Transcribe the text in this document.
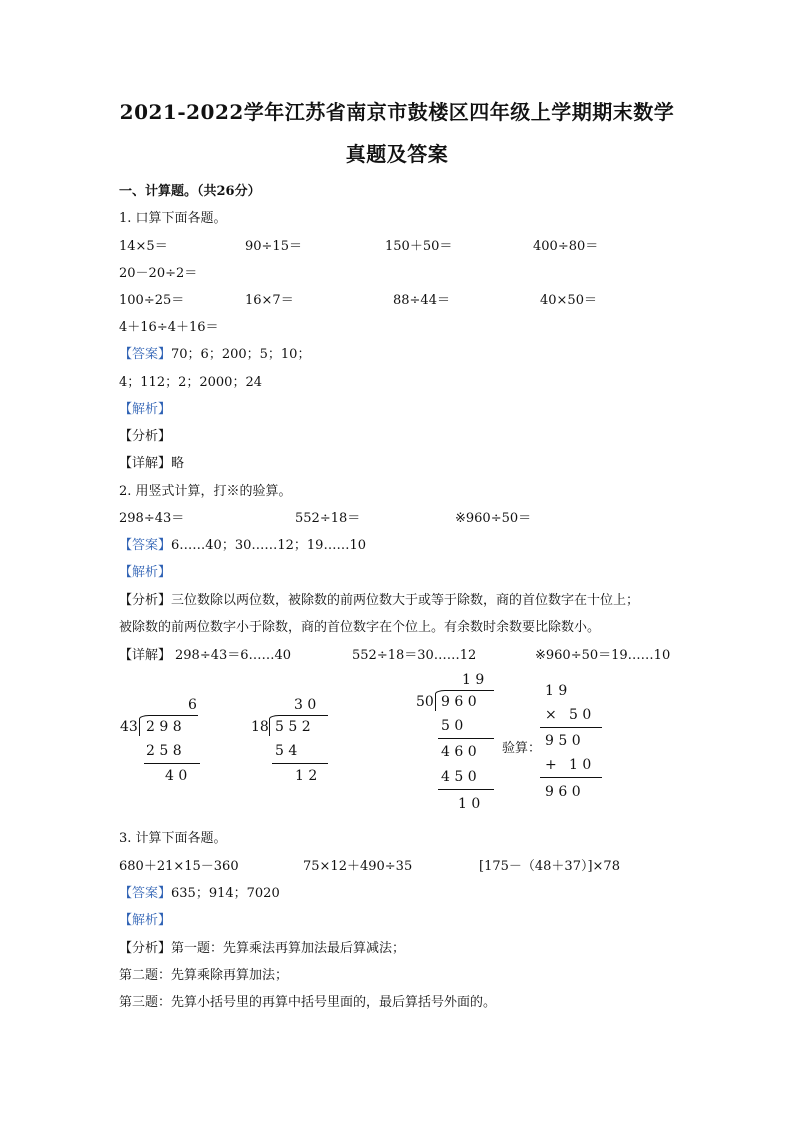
2021-2022学年江苏省南京市鼓楼区四年级上学期期末数学
真题及答案
一、计算题。（共26分）
1. 口算下面各题。
14×5＝	90÷15＝	150＋50＝	400÷80＝
20－20÷2＝
100÷25＝	16×7＝	88÷44＝	40×50＝
4＋16÷4＋16＝
【答案】70；6；200；5；10；
4；112；2；2000；24
【解析】
【分析】
【详解】略
2. 用竖式计算，打※的验算。
298÷43＝	552÷18＝	※960÷50＝
【答案】6……40；30……12；19……10
【解析】
【分析】三位数除以两位数，被除数的前两位数大于或等于除数，商的首位数字在十位上；
被除数的前两位数字小于除数，商的首位数字在个位上。有余数时余数要比除数小。
【详解】 298÷43＝6……40	552÷18＝30……12	※960÷50＝19……10
6
43 2 9 8
2 5 8
4 0
3 0
18 5 5 2
5 4
1 2
1 9
50 9 6 0
5 0
4 6 0
4 5 0
1 0
验算：
1 9
× 5 0
9 5 0
+ 1 0
9 6 0
3. 计算下面各题。
680＋21×15－360	75×12＋490÷35	[175－（48＋37）]×78
【答案】635；914；7020
【解析】
【分析】第一题：先算乘法再算加法最后算减法；
第二题：先算乘除再算加法；
第三题：先算小括号里的再算中括号里面的，最后算括号外面的。
